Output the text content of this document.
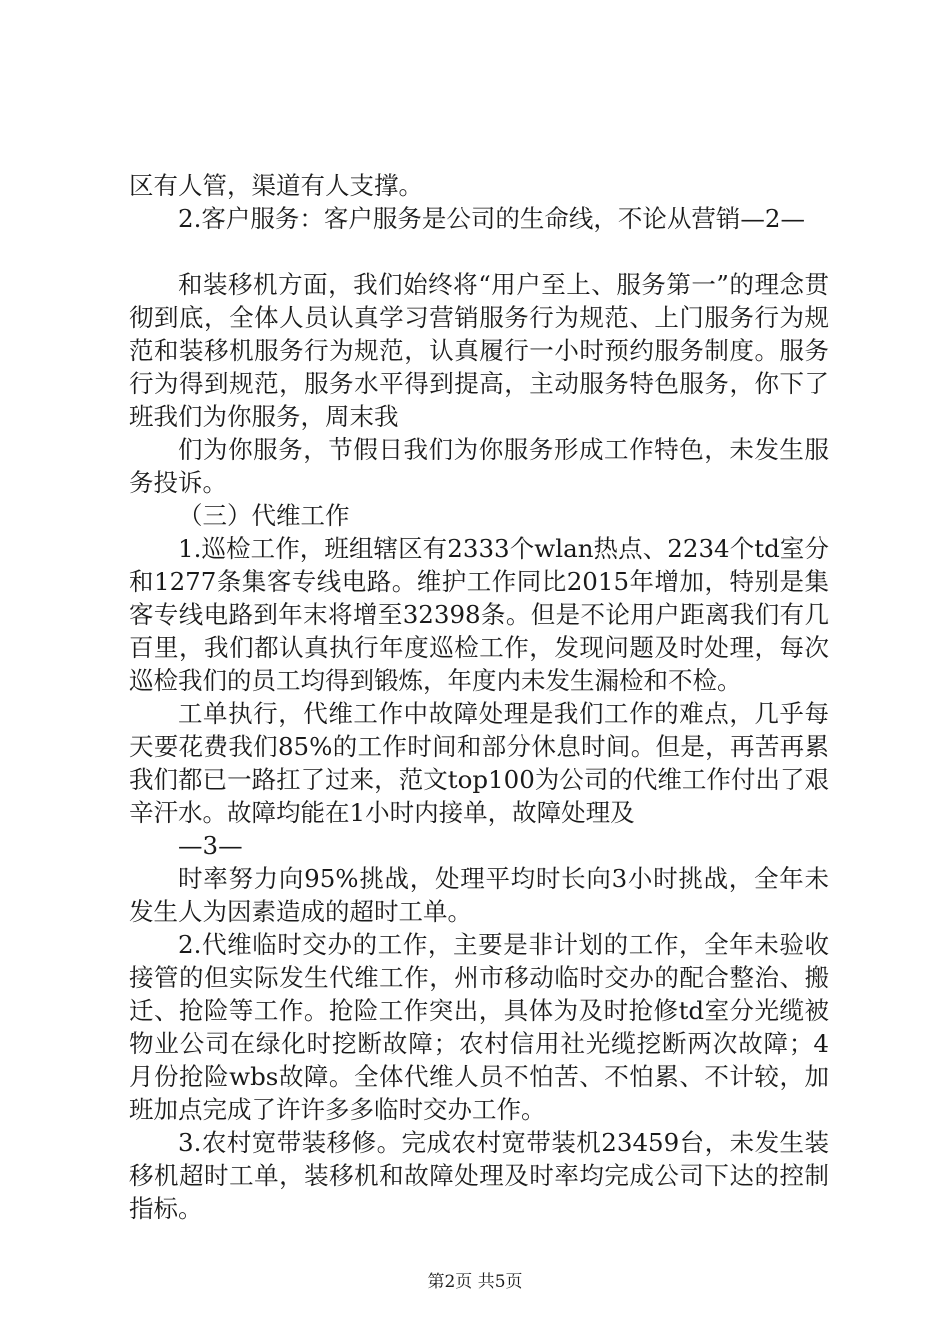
区有人管，渠道有人支撑。

2.客户服务：客户服务是公司的生命线，不论从营销—2—

和装移机方面，我们始终将“用户至上、服务第一”的理念贯彻到底，全体人员认真学习营销服务行为规范、上门服务行为规范和装移机服务行为规范，认真履行一小时预约服务制度。服务行为得到规范，服务水平得到提高，主动服务特色服务，你下了班我们为你服务，周末我

们为你服务，节假日我们为你服务形成工作特色，未发生服务投诉。

（三）代维工作

1.巡检工作，班组辖区有2333个wlan热点、2234个td室分和1277条集客专线电路。维护工作同比2015年增加，特别是集客专线电路到年末将增至32398条。但是不论用户距离我们有几百里，我们都认真执行年度巡检工作，发现问题及时处理，每次巡检我们的员工均得到锻炼，年度内未发生漏检和不检。

工单执行，代维工作中故障处理是我们工作的难点，几乎每天要花费我们85%的工作时间和部分休息时间。但是，再苦再累我们都已一路扛了过来，范文top100为公司的代维工作付出了艰辛汗水。故障均能在1小时内接单，故障处理及

—3—

时率努力向95%挑战，处理平均时长向3小时挑战，全年未发生人为因素造成的超时工单。

2.代维临时交办的工作，主要是非计划的工作，全年未验收接管的但实际发生代维工作，州市移动临时交办的配合整治、搬迁、抢险等工作。抢险工作突出，具体为及时抢修td室分光缆被物业公司在绿化时挖断故障；农村信用社光缆挖断两次故障；4月份抢险wbs故障。全体代维人员不怕苦、不怕累、不计较，加班加点完成了许许多多临时交办工作。

3.农村宽带装移修。完成农村宽带装机23459台，未发生装移机超时工单，装移机和故障处理及时率均完成公司下达的控制指标。

第2页 共5页
